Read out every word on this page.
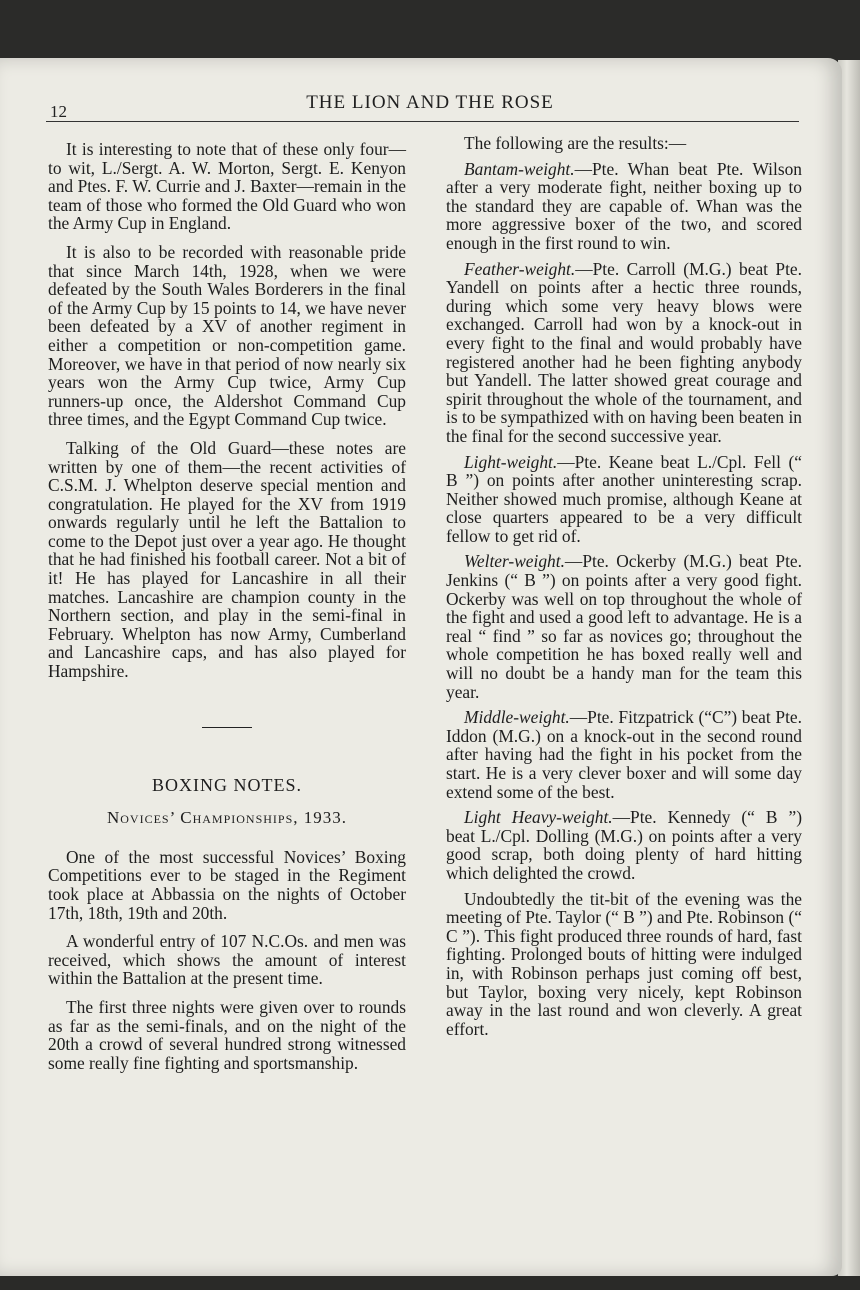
12	THE LION AND THE ROSE

It is interesting to note that of these only four—to wit, L./Sergt. A. W. Morton, Sergt. E. Kenyon and Ptes. F. W. Currie and J. Baxter—remain in the team of those who formed the Old Guard who won the Army Cup in England.

It is also to be recorded with reasonable pride that since March 14th, 1928, when we were defeated by the South Wales Borderers in the final of the Army Cup by 15 points to 14, we have never been defeated by a XV of another regiment in either a competition or non-competition game. Moreover, we have in that period of now nearly six years won the Army Cup twice, Army Cup runners-up once, the Aldershot Command Cup three times, and the Egypt Command Cup twice.

Talking of the Old Guard—these notes are written by one of them—the recent activities of C.S.M. J. Whelpton deserve special mention and congratulation. He played for the XV from 1919 onwards regularly until he left the Battalion to come to the Depot just over a year ago. He thought that he had finished his football career. Not a bit of it! He has played for Lancashire in all their matches. Lancashire are champion county in the Northern section, and play in the semi-final in February. Whelpton has now Army, Cumberland and Lancashire caps, and has also played for Hampshire.

BOXING NOTES.
Novices’ Championships, 1933.

One of the most successful Novices’ Boxing Competitions ever to be staged in the Regiment took place at Abbassia on the nights of October 17th, 18th, 19th and 20th.

A wonderful entry of 107 N.C.Os. and men was received, which shows the amount of interest within the Battalion at the present time.

The first three nights were given over to rounds as far as the semi-finals, and on the night of the 20th a crowd of several hundred strong witnessed some really fine fighting and sportsmanship.

The following are the results:—

Bantam-weight.—Pte. Whan beat Pte. Wilson after a very moderate fight, neither boxing up to the standard they are capable of. Whan was the more aggressive boxer of the two, and scored enough in the first round to win.

Feather-weight.—Pte. Carroll (M.G.) beat Pte. Yandell on points after a hectic three rounds, during which some very heavy blows were exchanged. Carroll had won by a knock-out in every fight to the final and would probably have registered another had he been fighting anybody but Yandell. The latter showed great courage and spirit throughout the whole of the tournament, and is to be sympathized with on having been beaten in the final for the second successive year.

Light-weight.—Pte. Keane beat L./Cpl. Fell (“ B ”) on points after another uninteresting scrap. Neither showed much promise, although Keane at close quarters appeared to be a very difficult fellow to get rid of.

Welter-weight.—Pte. Ockerby (M.G.) beat Pte. Jenkins (“ B ”) on points after a very good fight. Ockerby was well on top throughout the whole of the fight and used a good left to advantage. He is a real “ find ” so far as novices go; throughout the whole competition he has boxed really well and will no doubt be a handy man for the team this year.

Middle-weight.—Pte. Fitzpatrick (“C”) beat Pte. Iddon (M.G.) on a knock-out in the second round after having had the fight in his pocket from the start. He is a very clever boxer and will some day extend some of the best.

Light Heavy-weight.—Pte. Kennedy (“ B ”) beat L./Cpl. Dolling (M.G.) on points after a very good scrap, both doing plenty of hard hitting which delighted the crowd.

Undoubtedly the tit-bit of the evening was the meeting of Pte. Taylor (“ B ”) and Pte. Robinson (“ C ”). This fight produced three rounds of hard, fast fighting. Prolonged bouts of hitting were indulged in, with Robinson perhaps just coming off best, but Taylor, boxing very nicely, kept Robinson away in the last round and won cleverly. A great effort.
